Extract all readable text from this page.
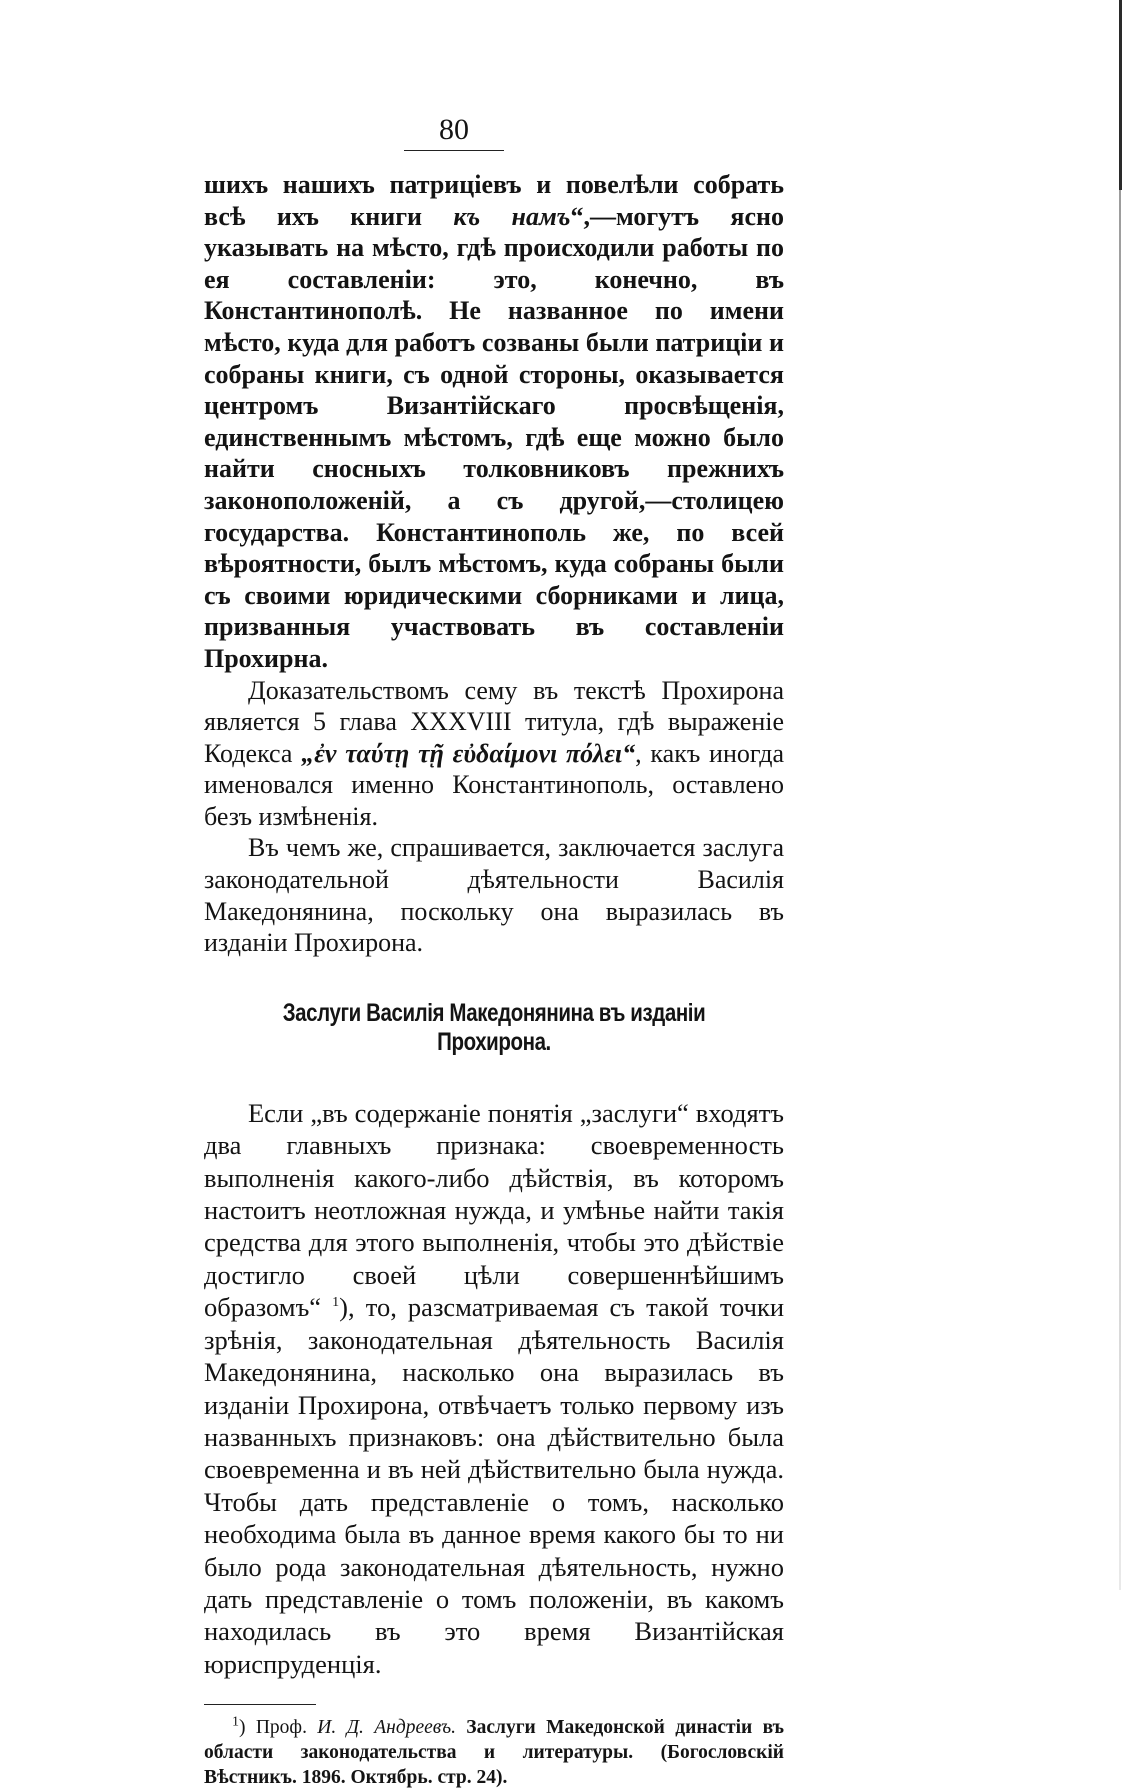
80

шихъ нашихъ патриціевъ и повелѣли собрать всѣ ихъ книги къ намъ“,—могутъ ясно указывать на мѣсто, гдѣ происходили работы по ея составленіи: это, конечно, въ Константинополѣ. Не названное по имени мѣсто, куда для работъ созваны были патриціи и собраны книги, съ одной стороны, оказывается центромъ Византійскаго просвѣщенія, единственнымъ мѣстомъ, гдѣ еще можно было найти сносныхъ толковниковъ прежнихъ законоположеній, а съ другой,—столицею государства. Константинополь же, по всей вѣроятности, былъ мѣстомъ, куда собраны были съ своими юридическими сборниками и лица, призванныя участвовать въ составленіи Прохирна.

Доказательствомъ сему въ текстѣ Прохирона является 5 глава XXXVIII титула, гдѣ выраженіе Кодекса „ἐν ταύτῃ τῇ εὐδαίμονι πόλει“, какъ иногда именовался именно Константинополь, оставлено безъ измѣненія.

Въ чемъ же, спрашивается, заключается заслуга законодательной дѣятельности Василія Македонянина, поскольку она выразилась въ изданіи Прохирона.

Заслуги Василія Македонянина въ изданіи Прохирона.

Если „въ содержаніе понятія „заслуги“ входятъ два главныхъ признака: своевременность выполненія какого-либо дѣйствія, въ которомъ настоитъ неотложная нужда, и умѣнье найти такія средства для этого выполненія, чтобы это дѣйствіе достигло своей цѣли совершеннѣйшимъ образомъ“ $^1$), то, разсматриваемая съ такой точки зрѣнія, законодательная дѣятельность Василія Македонянина, насколько она выразилась въ изданіи Прохирона, отвѣчаетъ только первому изъ названныхъ признаковъ: она дѣйствительно была своевременна и въ ней дѣйствительно была нужда. Чтобы дать представленіе о томъ, насколько необходима была въ данное время какого бы то ни было рода законодательная дѣятельность, нужно дать представленіе о томъ положеніи, въ какомъ находилась въ это время Византійская юриспруденція.

$^1$) Проф. И. Д. Андреевъ. Заслуги Македонской династіи въ области законодательства и литературы. (Богословскій Вѣстникъ. 1896. Октябрь. стр. 24).
